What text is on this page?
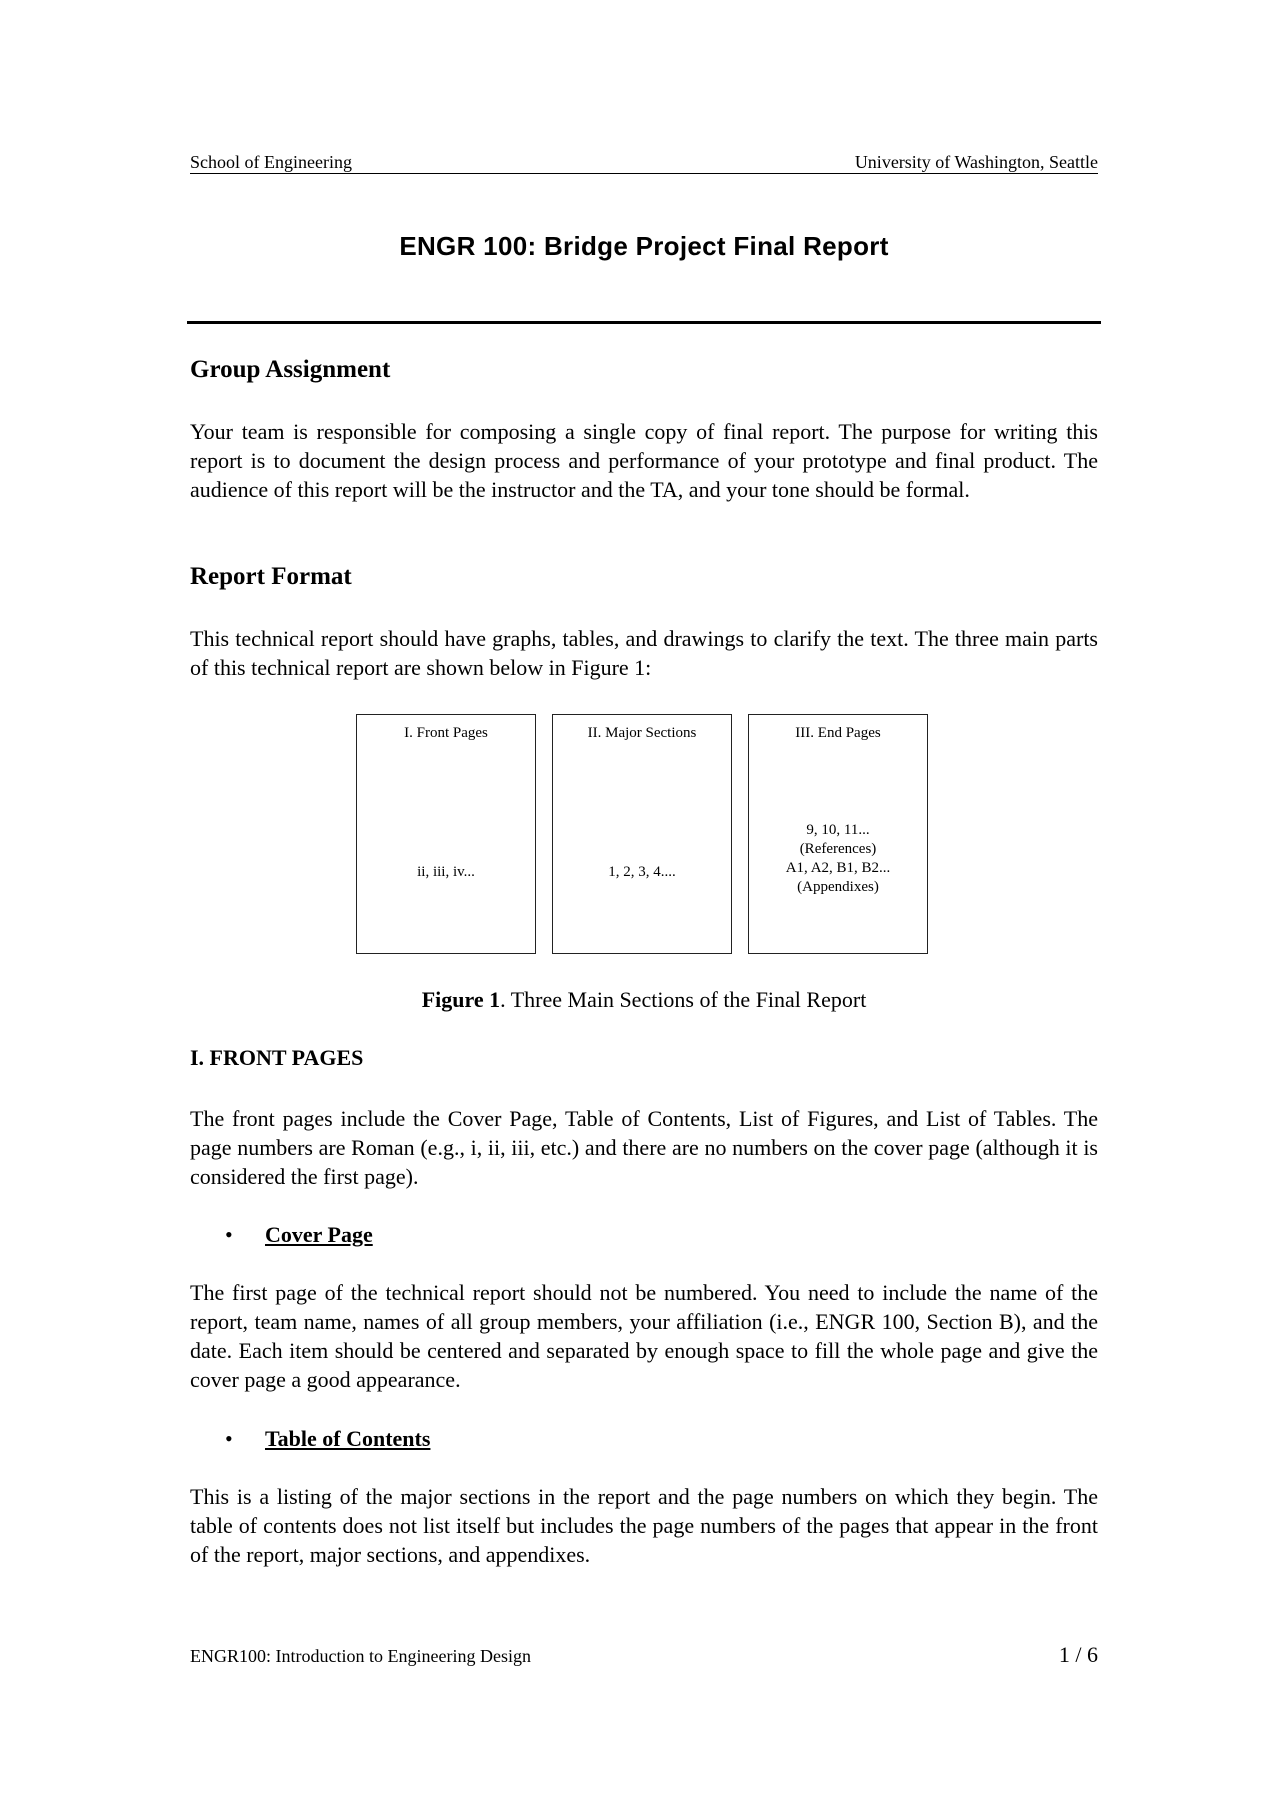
School of Engineering	University of Washington, Seattle
ENGR 100: Bridge Project Final Report
Group Assignment
Your team is responsible for composing a single copy of final report. The purpose for writing this report is to document the design process and performance of your prototype and final product. The audience of this report will be the instructor and the TA, and your tone should be formal.
Report Format
This technical report should have graphs, tables, and drawings to clarify the text. The three main parts of this technical report are shown below in Figure 1:
I. Front Pages
ii, iii, iv...
II. Major Sections
1, 2, 3, 4....
III. End Pages
9, 10, 11...
(References)
A1, A2, B1, B2...
(Appendixes)
Figure 1. Three Main Sections of the Final Report
I. FRONT PAGES
The front pages include the Cover Page, Table of Contents, List of Figures, and List of Tables. The page numbers are Roman (e.g., i, ii, iii, etc.) and there are no numbers on the cover page (although it is considered the first page).
• Cover Page
The first page of the technical report should not be numbered. You need to include the name of the report, team name, names of all group members, your affiliation (i.e., ENGR 100, Section B), and the date. Each item should be centered and separated by enough space to fill the whole page and give the cover page a good appearance.
• Table of Contents
This is a listing of the major sections in the report and the page numbers on which they begin. The table of contents does not list itself but includes the page numbers of the pages that appear in the front of the report, major sections, and appendixes.
ENGR100: Introduction to Engineering Design	1 / 6
